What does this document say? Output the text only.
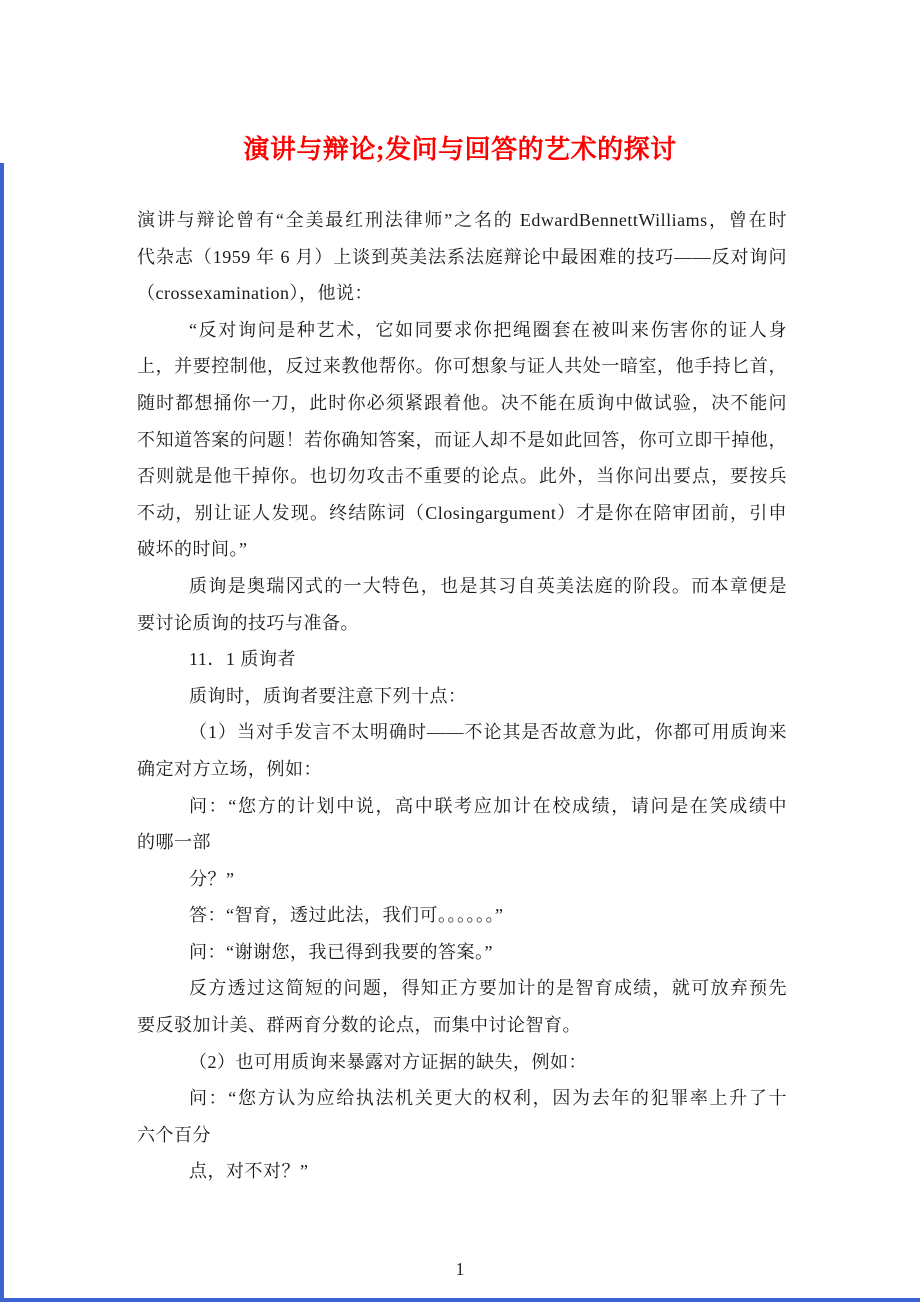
演讲与辩论;发问与回答的艺术的探讨

演讲与辩论曾有“全美最红刑法律师”之名的 EdwardBennettWilliams，曾在时
代杂志（1959 年 6 月）上谈到英美法系法庭辩论中最困难的技巧——反对询问
（crossexamination），他说：

“反对询问是种艺术，它如同要求你把绳圈套在被叫来伤害你的证人身
上，并要控制他，反过来教他帮你。你可想象与证人共处一暗室，他手持匕首，
随时都想捅你一刀，此时你必须紧跟着他。决不能在质询中做试验，决不能问
不知道答案的问题！若你确知答案，而证人却不是如此回答，你可立即干掉他，
否则就是他干掉你。也切勿攻击不重要的论点。此外，当你问出要点，要按兵
不动，别让证人发现。终结陈词（Closingargument）才是你在陪审团前，引申
破坏的时间。”

质询是奥瑞冈式的一大特色，也是其习自英美法庭的阶段。而本章便是
要讨论质询的技巧与准备。

11．1 质询者

质询时，质询者要注意下列十点：

（1）当对手发言不太明确时——不论其是否故意为此，你都可用质询来
确定对方立场，例如：

问：“您方的计划中说，高中联考应加计在校成绩，请问是在笑成绩中
的哪一部

分？”

答：“智育，透过此法，我们可。。。。。。”

问：“谢谢您，我已得到我要的答案。”

反方透过这简短的问题，得知正方要加计的是智育成绩，就可放弃预先
要反驳加计美、群两育分数的论点，而集中讨论智育。

（2）也可用质询来暴露对方证据的缺失，例如：

问：“您方认为应给执法机关更大的权利，因为去年的犯罪率上升了十
六个百分

点，对不对？”

1
